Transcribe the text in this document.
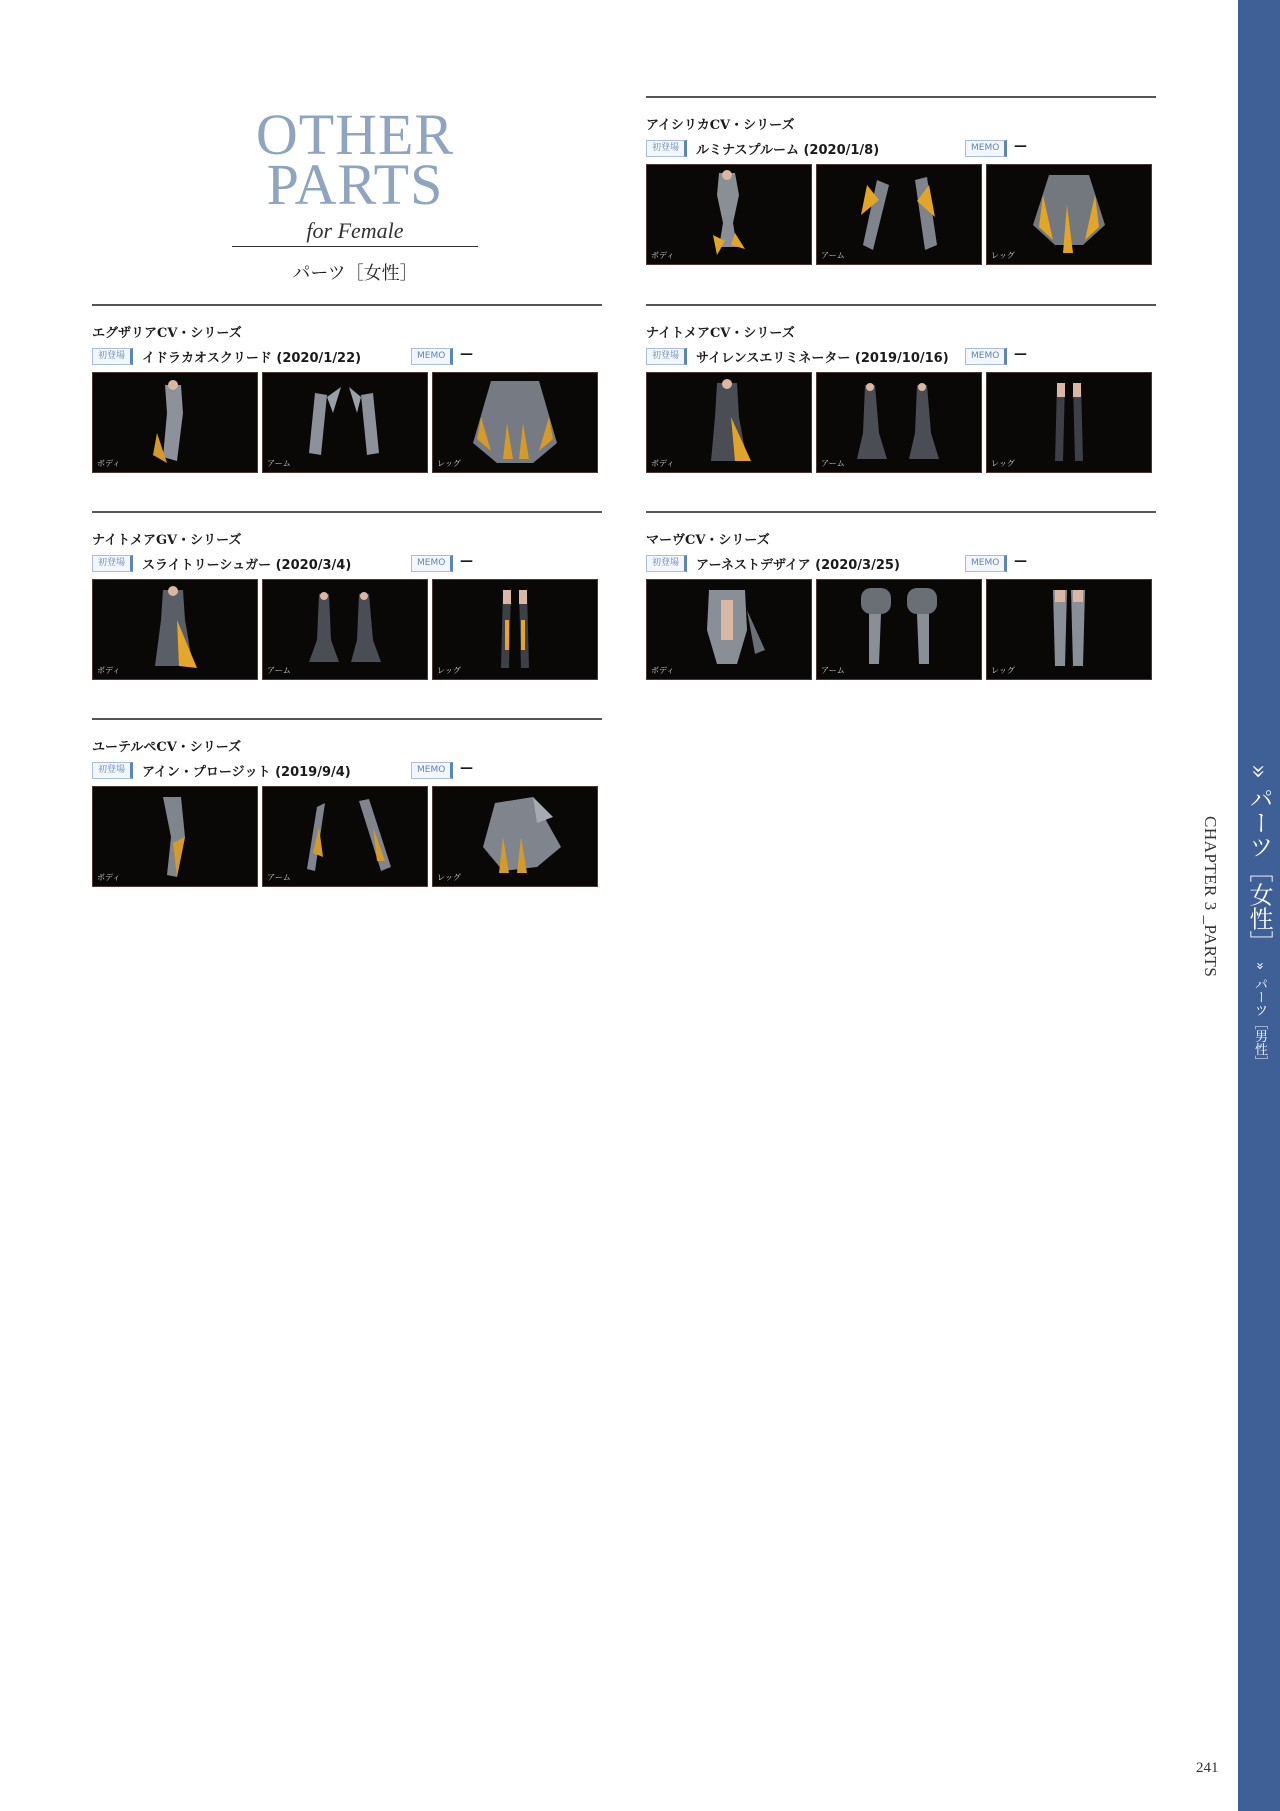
OTHER
PARTS
for Female
パーツ［女性］
アイシリカCV・シリーズ
初登場	ルミナスプルーム (2020/1/8)	MEMO	—
ボディ	アーム	レッグ
エグザリアCV・シリーズ
初登場	イドラカオスクリード (2020/1/22)	MEMO	—
ボディ	アーム	レッグ
ナイトメアCV・シリーズ
初登場	サイレンスエリミネーター (2019/10/16)	MEMO	—
ボディ	アーム	レッグ
ナイトメアGV・シリーズ
初登場	スライトリーシュガー (2020/3/4)	MEMO	—
ボディ	アーム	レッグ
マーヴCV・シリーズ
初登場	アーネストデザイア (2020/3/25)	MEMO	—
ボディ	アーム	レッグ
ユーテルペCV・シリーズ
初登場	アイン・プロージット (2019/9/4)	MEMO	—
ボディ	アーム	レッグ
» パーツ［女性］ » パーツ［男性］
CHAPTER 3 _PARTS
241
